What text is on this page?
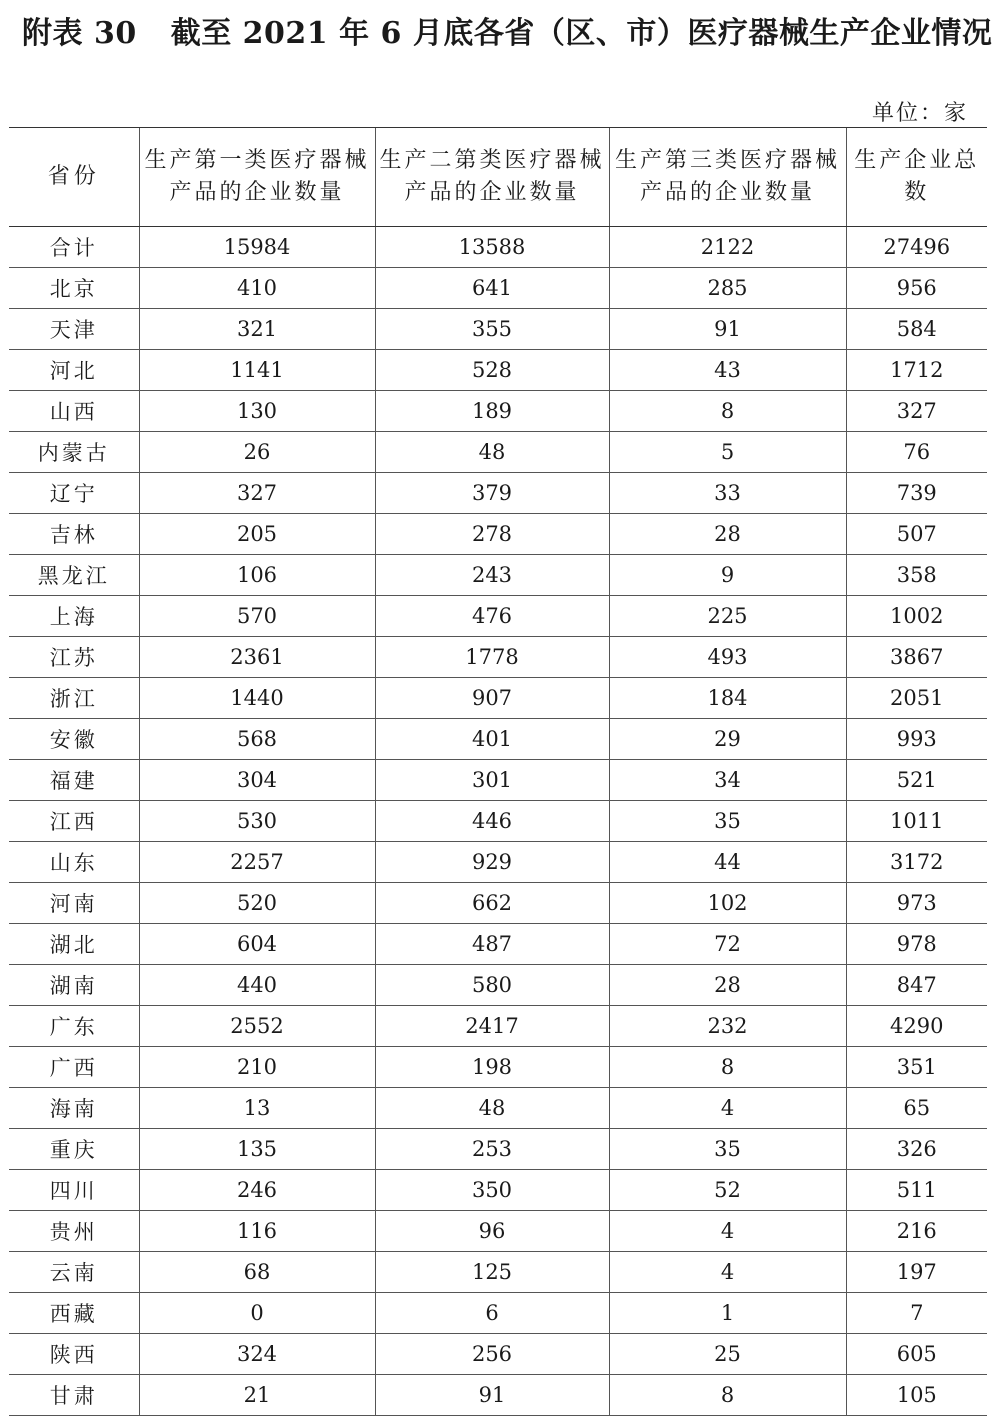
附表 30 截至 2021 年 6 月底各省（区、市）医疗器械生产企业情况
单位：家
省份	生产第一类医疗器械产品的企业数量	生产二第类医疗器械产品的企业数量	生产第三类医疗器械产品的企业数量	生产企业总数
合计	15984	13588	2122	27496
北京	410	641	285	956
天津	321	355	91	584
河北	1141	528	43	1712
山西	130	189	8	327
内蒙古	26	48	5	76
辽宁	327	379	33	739
吉林	205	278	28	507
黑龙江	106	243	9	358
上海	570	476	225	1002
江苏	2361	1778	493	3867
浙江	1440	907	184	2051
安徽	568	401	29	993
福建	304	301	34	521
江西	530	446	35	1011
山东	2257	929	44	3172
河南	520	662	102	973
湖北	604	487	72	978
湖南	440	580	28	847
广东	2552	2417	232	4290
广西	210	198	8	351
海南	13	48	4	65
重庆	135	253	35	326
四川	246	350	52	511
贵州	116	96	4	216
云南	68	125	4	197
西藏	0	6	1	7
陕西	324	256	25	605
甘肃	21	91	8	105
